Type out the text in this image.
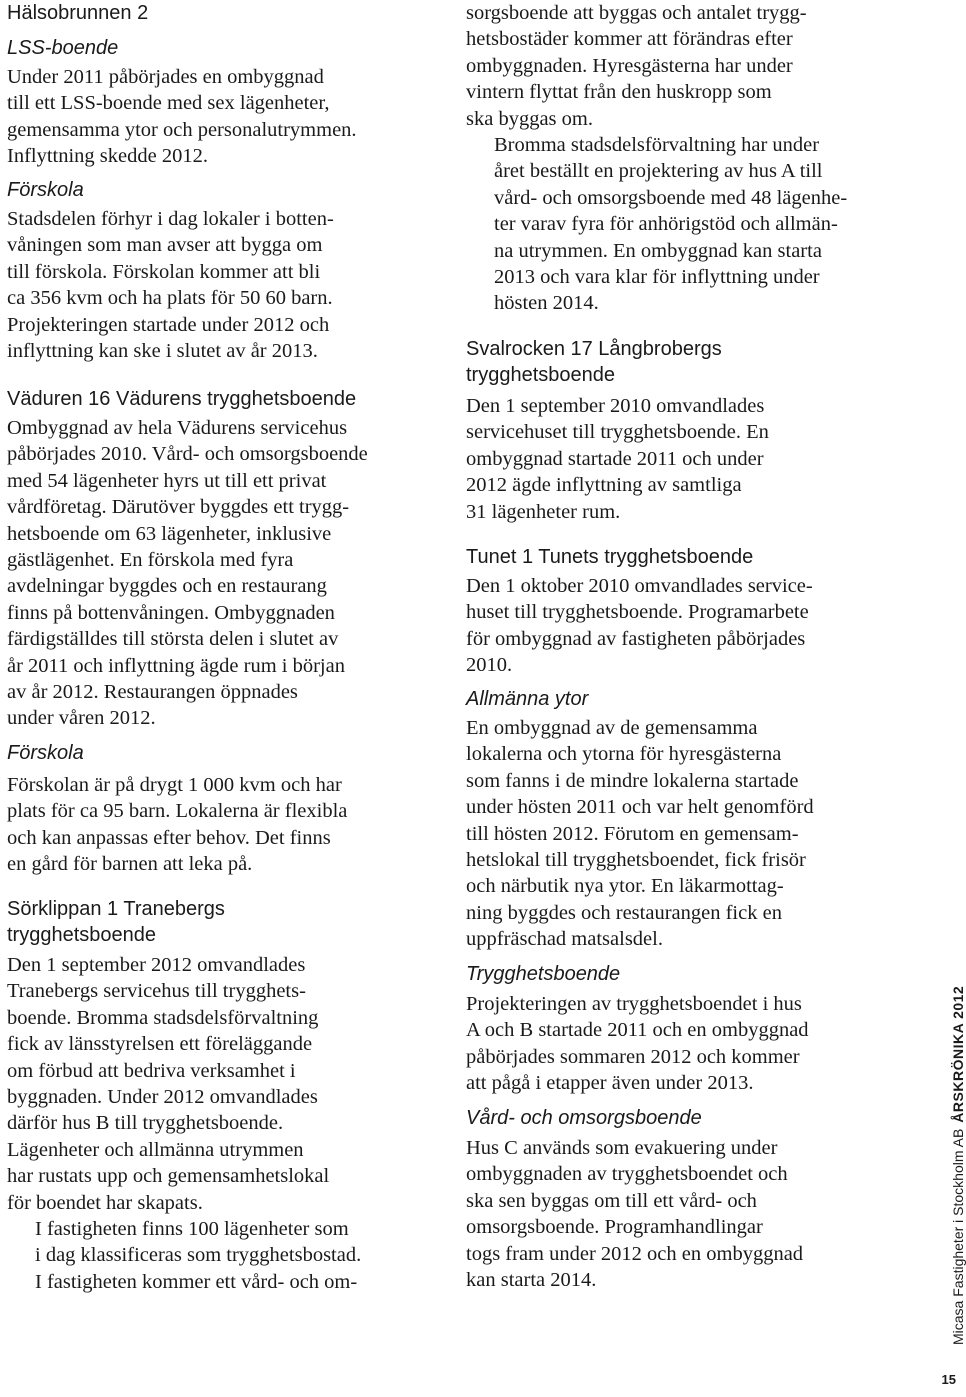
Hälsobrunnen 2
LSS-boende
Under 2011 påbörjades en ombyggnad
till ett LSS-boende med sex lägenheter,
gemensamma ytor och personalutrymmen.
Inflyttning skedde 2012.
Förskola
Stadsdelen förhyr i dag lokaler i botten-
våningen som man avser att bygga om
till förskola. Förskolan kommer att bli
ca 356 kvm och ha plats för 50 60 barn.
Projekteringen startade under 2012 och
inflyttning kan ske i slutet av år 2013.
Väduren 16 Vädurens trygghetsboende
Ombyggnad av hela Vädurens servicehus
påbörjades 2010. Vård- och omsorgsboende
med 54 lägenheter hyrs ut till ett privat
vårdföretag. Därutöver byggdes ett trygg-
hetsboende om 63 lägenheter, inklusive
gästlägenhet. En förskola med fyra
avdelningar byggdes och en restaurang
finns på bottenvåningen. Ombyggnaden
färdigställdes till största delen i slutet av
år 2011 och inflyttning ägde rum i början
av år 2012. Restaurangen öppnades
under våren 2012.
Förskola
Förskolan är på drygt 1 000 kvm och har
plats för ca 95 barn. Lokalerna är flexibla
och kan anpassas efter behov. Det finns
en gård för barnen att leka på.
Sörklippan 1 Tranebergs
trygghetsboende
Den 1 september 2012 omvandlades
Tranebergs servicehus till trygghets-
boende. Bromma stadsdelsförvaltning
fick av länsstyrelsen ett föreläggande
om förbud att bedriva verksamhet i
byggnaden. Under 2012 omvandlades
därför hus B till trygghetsboende.
Lägenheter och allmänna utrymmen
har rustats upp och gemensamhetslokal
för boendet har skapats.
I fastigheten finns 100 lägenheter som
i dag klassificeras som trygghetsbostad.
I fastigheten kommer ett vård- och om-
sorgsboende att byggas och antalet trygg-
hetsbostäder kommer att förändras efter
ombyggnaden. Hyresgästerna har under
vintern flyttat från den huskropp som
ska byggas om.
Bromma stadsdelsförvaltning har under
året beställt en projektering av hus A till
vård- och omsorgsboende med 48 lägenhe-
ter varav fyra för anhörigstöd och allmän-
na utrymmen. En ombyggnad kan starta
2013 och vara klar för inflyttning under
hösten 2014.
Svalrocken 17 Långbrobergs
trygghetsboende
Den 1 september 2010 omvandlades
servicehuset till trygghetsboende. En
ombyggnad startade 2011 och under
2012 ägde inflyttning av samtliga
31 lägenheter rum.
Tunet 1 Tunets trygghetsboende
Den 1 oktober 2010 omvandlades service-
huset till trygghetsboende. Programarbete
för ombyggnad av fastigheten påbörjades
2010.
Allmänna ytor
En ombyggnad av de gemensamma
lokalerna och ytorna för hyresgästerna
som fanns i de mindre lokalerna startade
under hösten 2011 och var helt genomförd
till hösten 2012. Förutom en gemensam-
hetslokal till trygghetsboendet, fick frisör
och närbutik nya ytor. En läkarmottag-
ning byggdes och restaurangen fick en
uppfräschad matsalsdel.
Trygghetsboende
Projekteringen av trygghetsboendet i hus
A och B startade 2011 och en ombyggnad
påbörjades sommaren 2012 och kommer
att pågå i etapper även under 2013.
Vård- och omsorgsboende
Hus C används som evakuering under
ombyggnaden av trygghetsboendet och
ska sen byggas om till ett vård- och
omsorgsboende. Programhandlingar
togs fram under 2012 och en ombyggnad
kan starta 2014.	Micasa Fastigheter i Stockholm ABÅRSKRÖNIKA 2012
15
